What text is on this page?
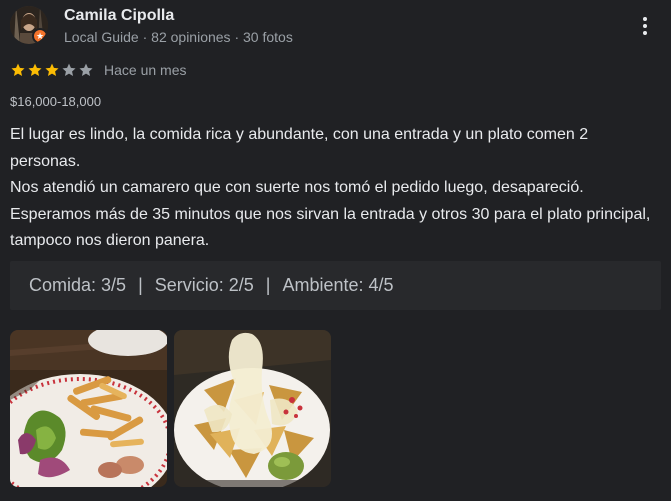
★
Camila Cipolla
Local Guide · 82 opiniones · 30 fotos
Hace un mes
$16,000-18,000
El lugar es lindo, la comida rica y abundante, con una entrada y un plato comen 2 personas.
Nos atendió un camarero que con suerte nos tomó el pedido luego, desapareció. Esperamos más de 35 minutos que nos sirvan la entrada y otros 30 para el plato principal, tampoco nos dieron panera.
Comida: 3/5 | Servicio: 2/5 | Ambiente: 4/5
